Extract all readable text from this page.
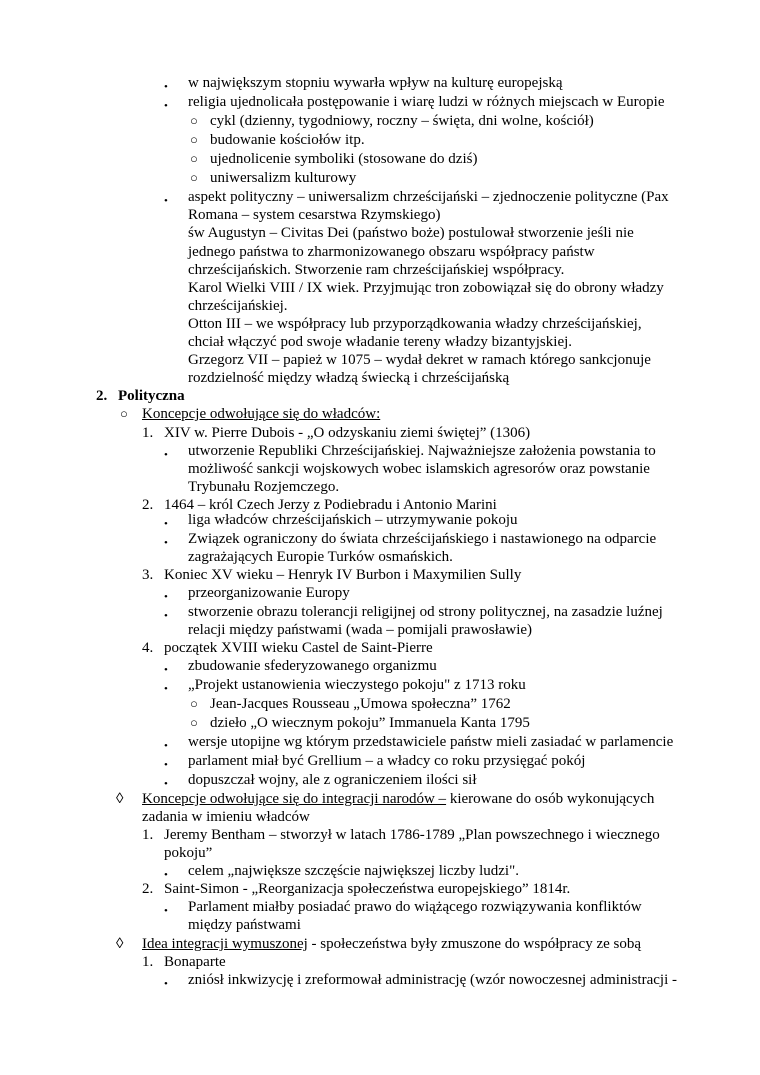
• w największym stopniu wywarła wpływ na kulturę europejską
• religia ujednolicała postępowanie i wiarę ludzi w różnych miejscach w Europie
○ cykl (dzienny, tygodniowy, roczny – święta, dni wolne, kościół)
○ budowanie kościołów itp.
○ ujednolicenie symboliki (stosowane do dziś)
○ uniwersalizm kulturowy
• aspekt polityczny – uniwersalizm chrześcijański – zjednoczenie polityczne (Pax
Romana – system cesarstwa Rzymskiego)
św Augustyn – Civitas Dei (państwo boże) postulował stworzenie jeśli nie
jednego państwa to zharmonizowanego obszaru współpracy państw
chrześcijańskich. Stworzenie ram chrześcijańskiej współpracy.
Karol Wielki VIII / IX wiek. Przyjmując tron zobowiązał się do obrony władzy
chrześcijańskiej.
Otton III – we współpracy lub przyporządkowania władzy chrześcijańskiej,
chciał włączyć pod swoje władanie tereny władzy bizantyjskiej.
Grzegorz VII – papież w 1075 – wydał dekret w ramach którego sankcjonuje
rozdzielność między władzą świecką i chrześcijańską
2. Polityczna
○ Koncepcje odwołujące się do władców:
1. XIV w. Pierre Dubois - „O odzyskaniu ziemi świętej” (1306)
• utworzenie Republiki Chrześcijańskiej. Najważniejsze założenia powstania to
możliwość sankcji wojskowych wobec islamskich agresorów oraz powstanie
Trybunału Rozjemczego.
2. 1464 – król Czech Jerzy z Podiebradu i Antonio Marini
• liga władców chrześcijańskich – utrzymywanie pokoju
• Związek ograniczony do świata chrześcijańskiego i nastawionego na odparcie
zagrażających Europie Turków osmańskich.
3. Koniec XV wieku – Henryk IV Burbon i Maxymilien Sully
• przeorganizowanie Europy
• stworzenie obrazu tolerancji religijnej od strony politycznej, na zasadzie luźnej
relacji między państwami (wada – pomijali prawosławie)
4. początek XVIII wieku Castel de Saint-Pierre
• zbudowanie sfederyzowanego organizmu
• „Projekt ustanowienia wieczystego pokoju" z 1713 roku
○ Jean-Jacques Rousseau „Umowa społeczna” 1762
○ dzieło „O wiecznym pokoju” Immanuela Kanta 1795
• wersje utopijne wg którym przedstawiciele państw mieli zasiadać w parlamencie
• parlament miał być Grellium – a władcy co roku przysięgać pokój
• dopuszczał wojny, ale z ograniczeniem ilości sił
◊ Koncepcje odwołujące się do integracji narodów – kierowane do osób wykonujących
zadania w imieniu władców
1. Jeremy Bentham – stworzył w latach 1786-1789 „Plan powszechnego i wiecznego
pokoju”
• celem „największe szczęście największej liczby ludzi".
2. Saint-Simon - „Reorganizacja społeczeństwa europejskiego” 1814r.
• Parlament miałby posiadać prawo do wiążącego rozwiązywania konfliktów
między państwami
◊ Idea integracji wymuszonej - społeczeństwa były zmuszone do współpracy ze sobą
1. Bonaparte
• zniósł inkwizycję i zreformował administrację (wzór nowoczesnej administracji -
